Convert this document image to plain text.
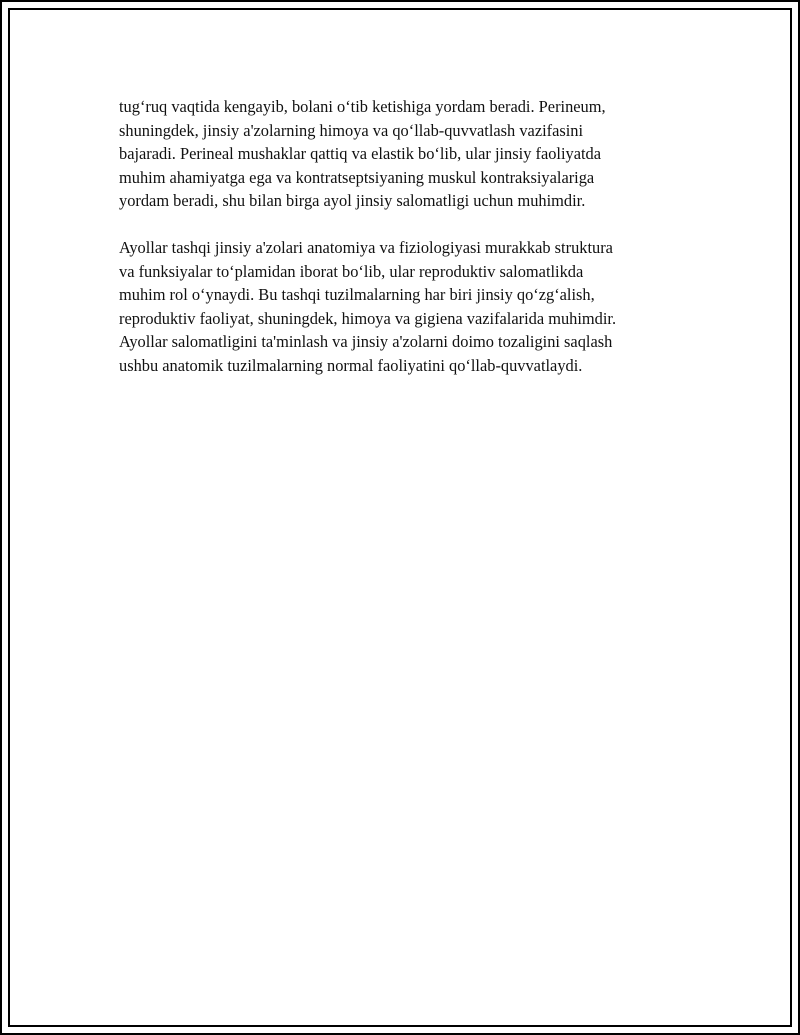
tug‘ruq vaqtida kengayib, bolani o‘tib ketishiga yordam beradi. Perineum,
shuningdek, jinsiy a'zolarning himoya va qo‘llab-quvvatlash vazifasini
bajaradi. Perineal mushaklar qattiq va elastik bo‘lib, ular jinsiy faoliyatda
muhim ahamiyatga ega va kontratseptsiyaning muskul kontraksiyalariga
yordam beradi, shu bilan birga ayol jinsiy salomatligi uchun muhimdir.

Ayollar tashqi jinsiy a'zolari anatomiya va fiziologiyasi murakkab struktura
va funksiyalar to‘plamidan iborat bo‘lib, ular reproduktiv salomatlikda
muhim rol o‘ynaydi. Bu tashqi tuzilmalarning har biri jinsiy qo‘zg‘alish,
reproduktiv faoliyat, shuningdek, himoya va gigiena vazifalarida muhimdir.
Ayollar salomatligini ta'minlash va jinsiy a'zolarni doimo tozaligini saqlash
ushbu anatomik tuzilmalarning normal faoliyatini qo‘llab-quvvatlaydi.
